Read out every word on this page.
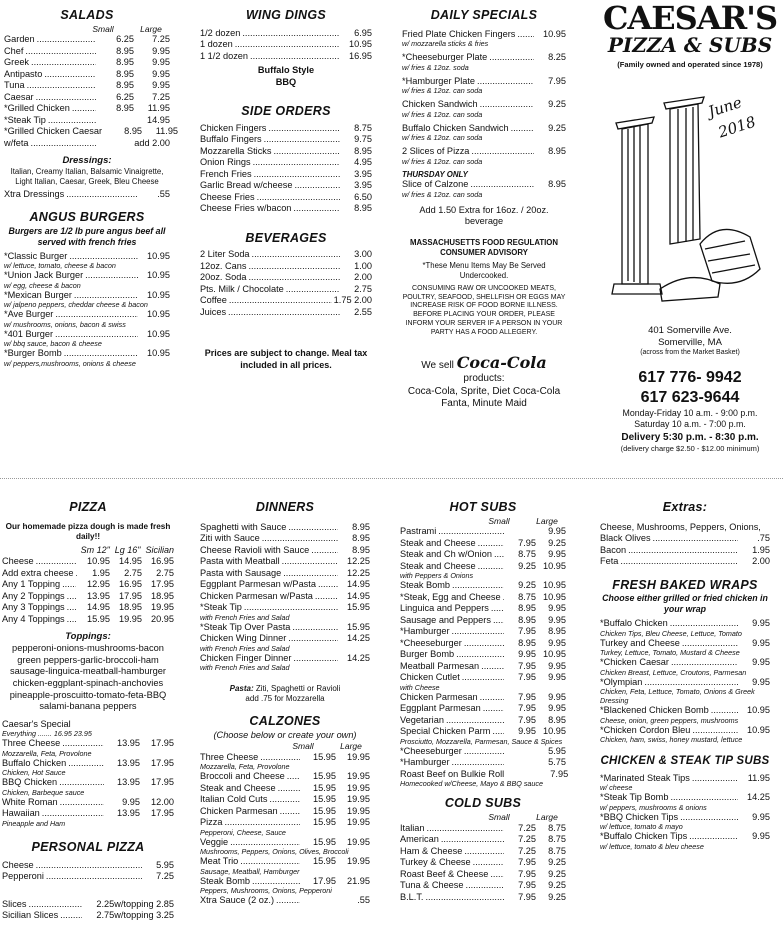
SALADS
Small	Large
Garden .....	6.25	7.25
Chef .....	8.95	9.95
Greek .....	8.95	9.95
Antipasto .....	8.95	9.95
Tuna .....	8.95	9.95
Caesar .....	6.25	7.25
*Grilled Chicken .....	8.95	11.95
*Steak Tip .....	14.95
*Grilled Chicken Caesar	8.95	11.95
w/feta .....	add 2.00
Dressings:
Italian, Creamy Italian, Balsamic Vinaigrette, Light Italian, Caesar, Greek, Bleu Cheese
Xtra Dressings .....	.55
ANGUS BURGERS
Burgers are 1/2 lb pure angus beef all served with french fries
*Classic Burger .....	10.95
w/ lettuce, tomato, cheese & bacon
*Union Jack Burger .....	10.95
w/ egg, cheese & bacon
*Mexican Burger .....	10.95
w/ jalpeno peppers, cheddar cheese & bacon
*Ave Burger .....	10.95
w/ mushrooms, onions, bacon & swiss
*401 Burger .....	10.95
w/ bbq sauce, bacon & cheese
*Burger Bomb .....	10.95
w/ peppers,mushrooms, onions & cheese
WING DINGS
1/2 dozen .....	6.95
1 dozen .....	10.95
1 1/2 dozen .....	16.95
Buffalo Style
BBQ
SIDE ORDERS
Chicken Fingers .....	8.75
Buffalo Fingers .....	9.75
Mozzarella Sticks .....	8.95
Onion Rings .....	4.95
French Fries .....	3.95
Garlic Bread w/cheese .....	3.95
Cheese Fries .....	6.50
Cheese Fries w/bacon .....	8.95
BEVERAGES
2 Liter Soda .....	3.00
12oz. Cans .....	1.00
20oz. Soda .....	2.00
Pts. Milk / Chocolate .....	2.75
Coffee .....	1.75 2.00
Juices .....	2.55
Prices are subject to change. Meal tax included in all prices.
DAILY SPECIALS
Fried Plate Chicken Fingers .....	10.95
w/ mozzarella sticks & fries
*Cheeseburger Plate .....	8.25
w/ fries & 12oz. soda
*Hamburger Plate .....	7.95
w/ fries & 12oz. can soda
Chicken Sandwich .....	9.25
w/ fries & 12oz. can soda
Buffalo Chicken Sandwich .....	9.25
w/ fries & 12oz. can soda
2 Slices of Pizza .....	8.95
w/ fries & 12oz. can soda
THURSDAY ONLY
Slice of Calzone .....	8.95
w/ fries & 12oz. can soda
Add 1.50 Extra for 16oz. / 20oz. beverage
MASSACHUSETTS FOOD REGULATION CONSUMER ADVISORY
*These Menu Items May Be Served Undercooked.
CONSUMING RAW OR UNCOOKED MEATS, POULTRY, SEAFOOD, SHELLFISH OR EGGS MAY INCREASE RISK OF FOOD BORNE ILLNESS. BEFORE PLACING YOUR ORDER, PLEASE INFORM YOUR SERVER IF A PERSON IN YOUR PARTY HAS A FOOD ALLEGERY.
We sell Coca-Cola products:
Coca-Cola, Sprite, Diet Coca-Cola
Fanta, Minute Maid
CAESAR'S
PIZZA & SUBS
(Family owned and operated since 1978)
June
2018
401 Somerville Ave.
Somerville, MA
(across from the Market Basket)
617 776- 9942
617 623-9644
Monday-Friday 10 a.m. - 9:00 p.m.
Saturday 10 a.m. - 7:00 p.m.
Delivery 5:30 p.m. - 8:30 p.m.
(delivery charge $2.50 - $12.00 minimum)
PIZZA
Our homemade pizza dough is made fresh daily!!
Sm 12"  Lg 16"  Sicilian
Cheese .....	10.95 14.95 16.95
Add extra cheese .....	1.95	2.75	2.75
Any 1 Topping .....	12.95 16.95 17.95
Any 2 Toppings .....	13.95 17.95 18.95
Any 3 Toppings .....	14.95 18.95 19.95
Any 4 Toppings .....	15.95 19.95 20.95
Toppings:
pepperoni-onions-mushrooms-bacon
green peppers-garlic-broccoli-ham
sausage-linguica-meatball-hamburger
chicken-eggplant-spinach-anchovies
pineapple-proscuitto-tomato-feta-BBQ
salami-banana peppers
Caesar's Special
Everything ....... 16.95 23.95
Three Cheese .....	13.95	17.95
Mozzarella, Feta, Provolone
Buffalo Chicken .....	13.95	17.95
Chicken, Hot Sauce
BBQ Chicken .....	13.95	17.95
Chicken, Barbeque sauce
White Roman .....	9.95	12.00
Hawaiian .....	13.95	17.95
Pineapple and Ham
PERSONAL PIZZA
Cheese .....	5.95
Pepperoni .....	7.25
Slices .....	2.25 w/topping 2.85
Sicilian Slices .....	2.75 w/topping 3.25
DINNERS
Spaghetti with Sauce .....	8.95
Ziti with Sauce .....	8.95
Cheese Ravioli with Sauce .....	8.95
Pasta with Meatball .....	12.25
Pasta with Sausage .....	12.25
Eggplant Parmesan w/Pasta .....	14.95
Chicken Parmesan w/Pasta .....	14.95
*Steak Tip .....	15.95
with French Fries and Salad
*Steak Tip Over Pasta .....	15.95
Chicken Wing Dinner .....	14.25
with French Fries and Salad
Chicken Finger Dinner .....	14.25
with French Fries and Salad
Pasta: Ziti, Spaghetti or Ravioli
add .75 for Mozzarella
CALZONES
(Choose below or create your own)
Small	Large
Three Cheese .....	15.95	19.95
Mozzarella, Feta, Provolone
Broccoli and Cheese .....	15.95	19.95
Steak and Cheese .....	15.95	19.95
Italian Cold Cuts .....	15.95	19.95
Chicken Parmesan .....	15.95	19.95
Pizza .....	15.95	19.95
Pepperoni, Cheese, Sauce
Veggie .....	15.95	19.95
Mushrooms, Peppers, Onions, Olives, Broccoli
Meat Trio .....	15.95	19.95
Sausage, Meatball, Hamburger
Steak Bomb .....	17.95	21.95
Peppers, Mushrooms, Onions, Pepperoni
Xtra Sauce (2 oz.) .....	.55
HOT SUBS
Small	Large
Pastrami .....	9.95
Steak and Cheese .....	7.95	9.25
Steak and Ch w/Onion .....	8.75	9.95
Steak and Cheese .....	9.25 10.95
with Peppers & Onions
Steak Bomb .....	9.25 10.95
*Steak, Egg and Cheese .....	8.75 10.95
Linguica and Peppers .....	8.95	9.95
Sausage and Peppers .....	8.95	9.95
*Hamburger .....	7.95	8.95
*Cheeseburger .....	8.95	9.95
Burger Bomb .....	9.95 10.95
Meatball Parmesan .....	7.95	9.95
Chicken Cutlet .....	7.95	9.95
with Cheese
Chicken Parmesan .....	7.95	9.95
Eggplant Parmesan .....	7.95	9.95
Vegetarian .....	7.95	8.95
Special Chicken Parm .....	9.95 10.95
Prosciutto, Mozzarella, Parmesan, Sauce & Spices
*Cheeseburger .....	5.95
*Hamburger .....	5.75
Roast Beef on Bulkie Roll	7.95
Homecooked w/Cheese, Mayo & BBQ sauce
COLD SUBS
Small	Large
Italian .....	7.25	8.75
American .....	7.25	8.75
Ham & Cheese .....	7.25	8.75
Turkey & Cheese .....	7.95	9.25
Roast Beef & Cheese .....	7.95	9.25
Tuna & Cheese .....	7.95	9.25
B.L.T. .....	7.95	9.25
Extras:
Cheese, Mushrooms, Peppers, Onions,
Black Olives .....	.75
Bacon .....	1.95
Feta .....	2.00
FRESH BAKED WRAPS
Choose either grilled or fried chicken in your wrap
*Buffalo Chicken .....	9.95
Chicken Tips, Bleu Cheese, Lettuce, Tomato
Turkey and Cheese .....	9.95
Turkey, Lettuce, Tomato, Mustard & Cheese
*Chicken Caesar .....	9.95
Chicken Breast, Lettuce, Croutons, Parmesan
*Olympian .....	9.95
Chicken, Feta, Lettuce, Tomato, Onions & Greek Dressing
*Blackened Chicken Bomb .....	10.95
Cheese, onion, green peppers, mushrooms
*Chicken Cordon Bleu .....	10.95
Chicken, ham, swiss, honey mustard, lettuce
CHICKEN & STEAK TIP SUBS
*Marinated Steak Tips .....	11.95
w/ cheese
*Steak Tip Bomb .....	14.25
w/ peppers, mushrooms & onions
*BBQ Chicken Tips .....	9.95
w/ lettuce, tomato & mayo
*Buffalo Chicken Tips .....	9.95
w/ lettuce, tomato & bleu cheese
